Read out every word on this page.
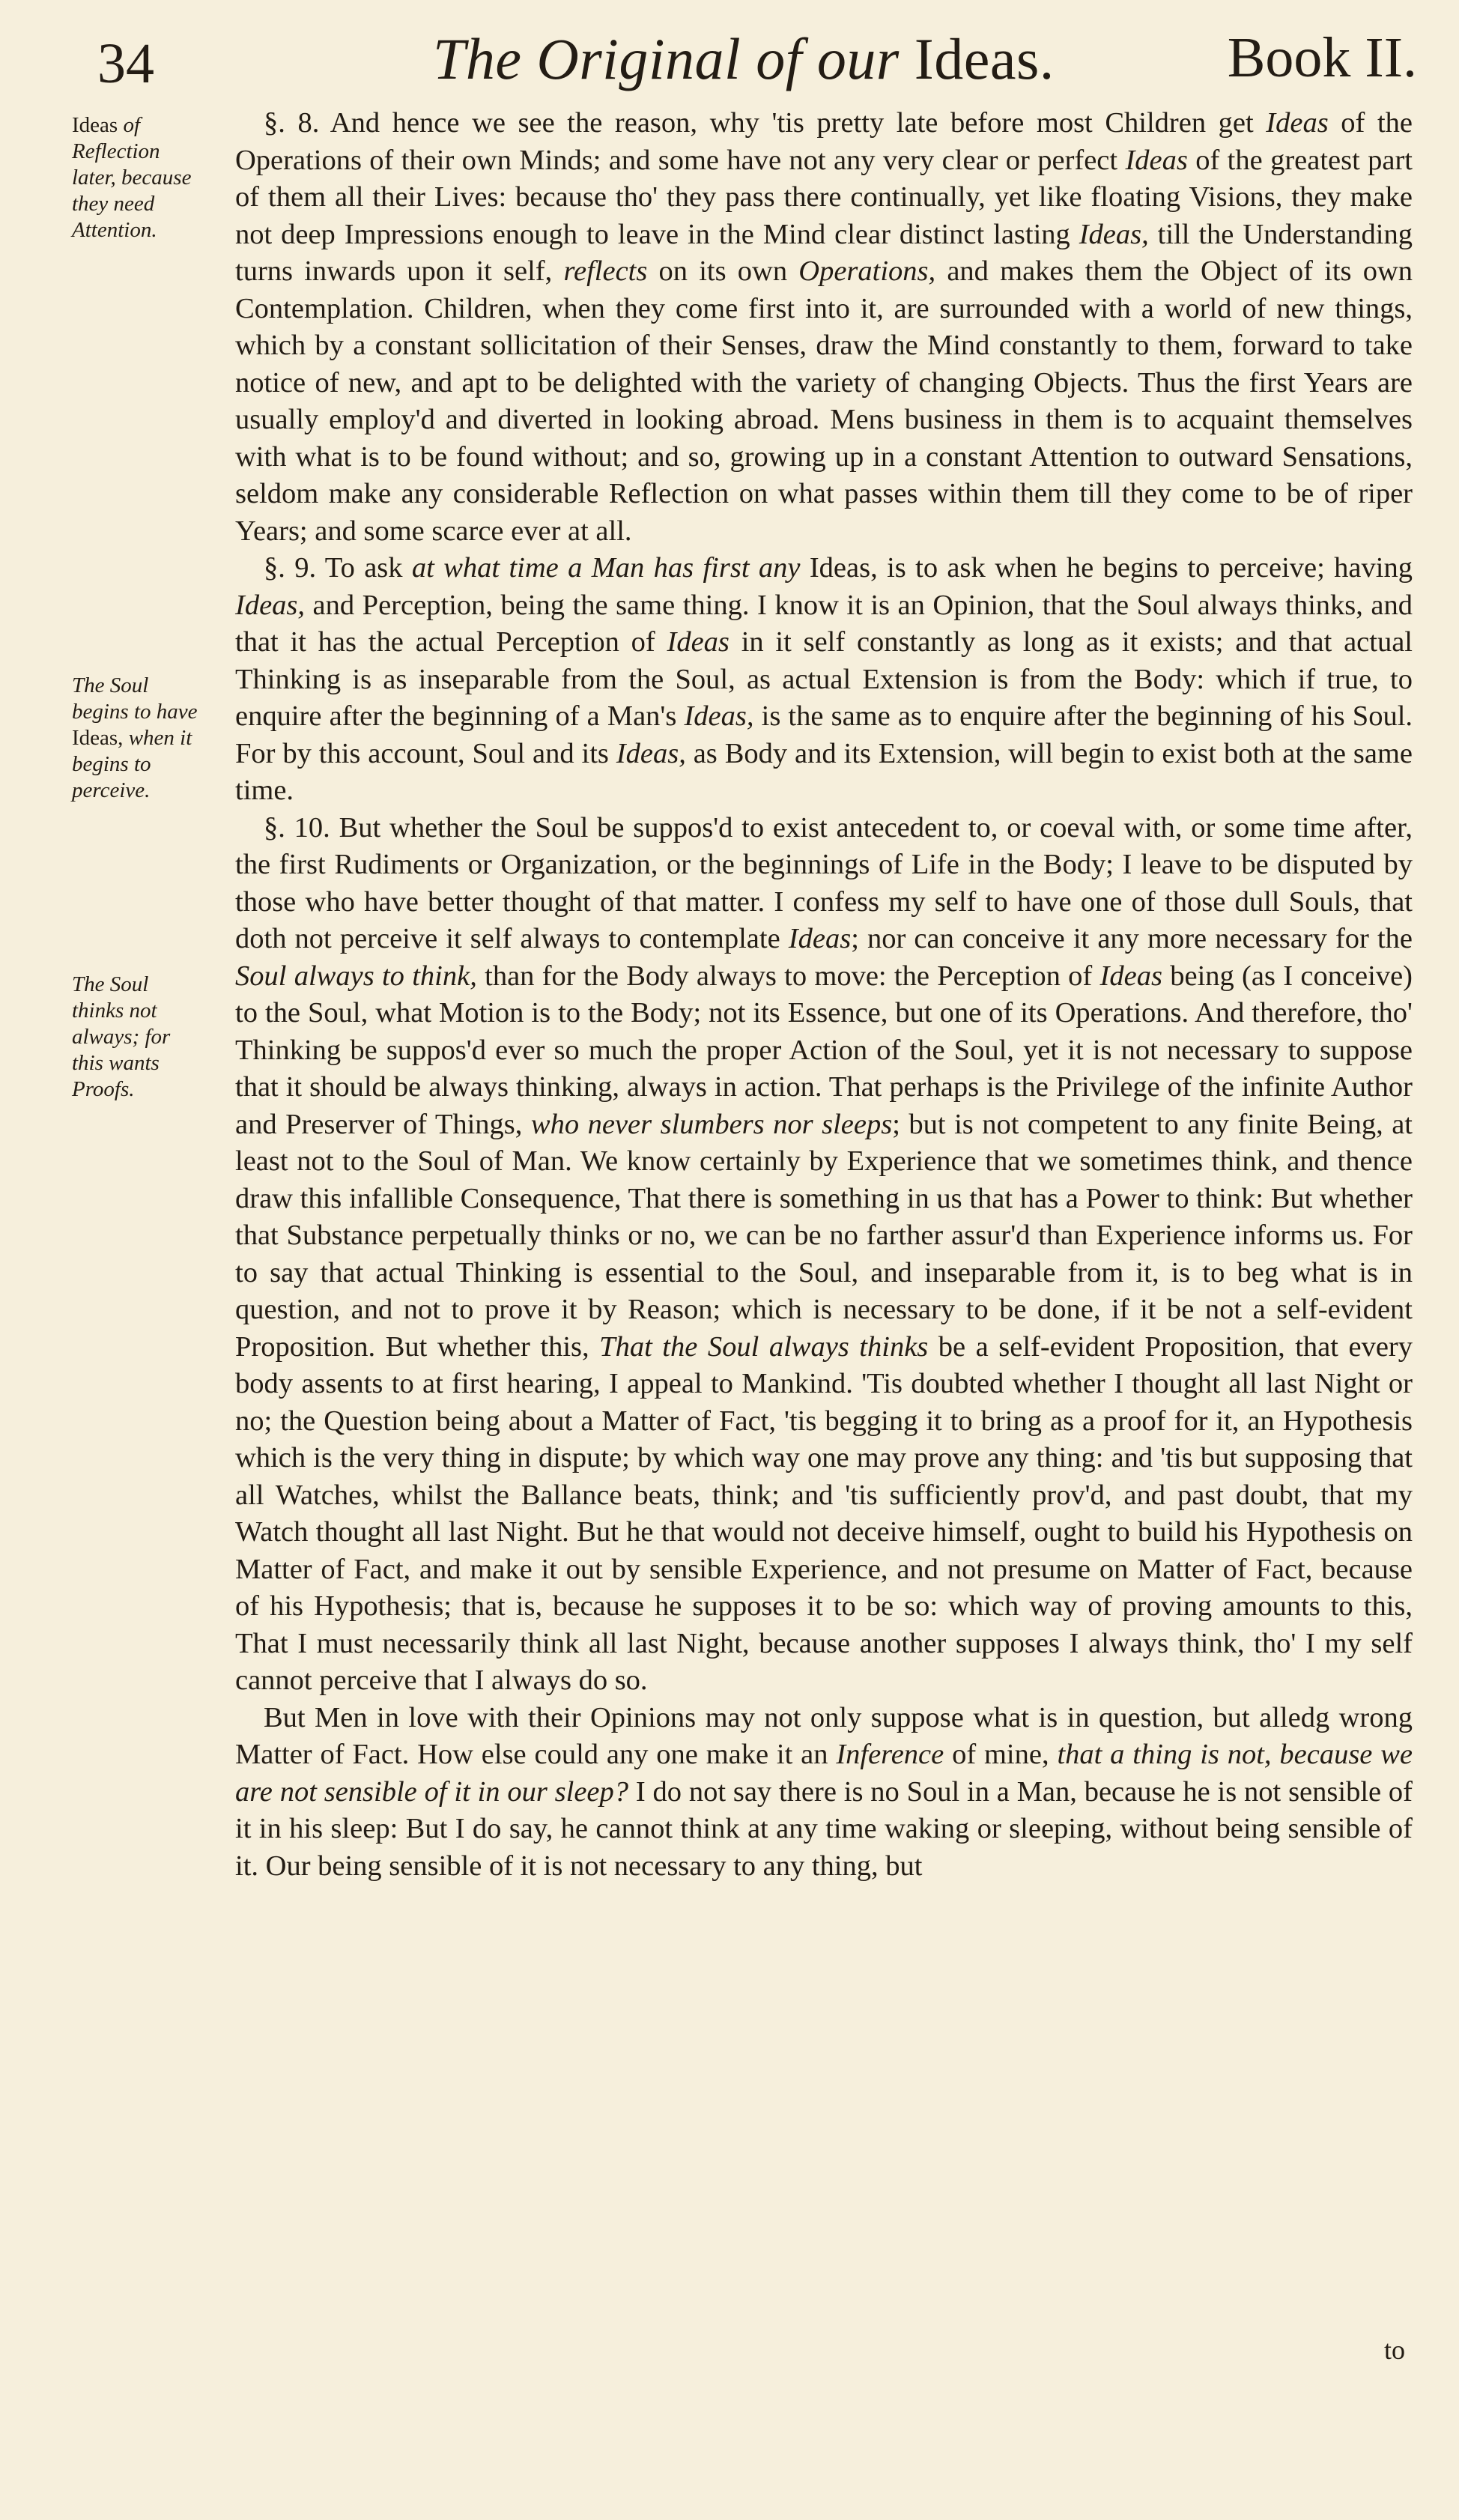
34	The Original of our Ideas.	Book II.
Ideas of Reflection later, because they need Attention.
The Soul begins to have Ideas, when it begins to perceive.
The Soul thinks not always; for this wants Proofs.

§. 8. And hence we see the reason, why 'tis pretty late before most Children get Ideas of the Operations of their own Minds; and some have not any very clear or perfect Ideas of the greatest part of them all their Lives: because tho' they pass there continually, yet like floating Visions, they make not deep Impressions enough to leave in the Mind clear distinct lasting Ideas, till the Understanding turns inwards upon it self, reflects on its own Operations, and makes them the Object of its own Contemplation. Children, when they come first into it, are surrounded with a world of new things, which by a constant sollicitation of their Senses, draw the Mind constantly to them, forward to take notice of new, and apt to be delighted with the variety of changing Objects. Thus the first Years are usually employ'd and diverted in looking abroad. Mens business in them is to acquaint themselves with what is to be found without; and so, growing up in a constant Attention to outward Sensations, seldom make any considerable Reflection on what passes within them till they come to be of riper Years; and some scarce ever at all.

§. 9. To ask at what time a Man has first any Ideas, is to ask when he begins to perceive; having Ideas, and Perception, being the same thing. I know it is an Opinion, that the Soul always thinks, and that it has the actual Perception of Ideas in it self constantly as long as it exists; and that actual Thinking is as inseparable from the Soul, as actual Extension is from the Body: which if true, to enquire after the beginning of a Man's Ideas, is the same as to enquire after the beginning of his Soul. For by this account, Soul and its Ideas, as Body and its Extension, will begin to exist both at the same time.

§. 10. But whether the Soul be suppos'd to exist antecedent to, or coeval with, or some time after, the first Rudiments or Organization, or the beginnings of Life in the Body; I leave to be disputed by those who have better thought of that matter. I confess my self to have one of those dull Souls, that doth not perceive it self always to contemplate Ideas; nor can conceive it any more necessary for the Soul always to think, than for the Body always to move: the Perception of Ideas being (as I conceive) to the Soul, what Motion is to the Body; not its Essence, but one of its Operations. And therefore, tho' Thinking be suppos'd ever so much the proper Action of the Soul, yet it is not necessary to suppose that it should be always thinking, always in action. That perhaps is the Privilege of the infinite Author and Preserver of Things, who never slumbers nor sleeps; but is not competent to any finite Being, at least not to the Soul of Man. We know certainly by Experience that we sometimes think, and thence draw this infallible Consequence, That there is something in us that has a Power to think: But whether that Substance perpetually thinks or no, we can be no farther assur'd than Experience informs us. For to say that actual Thinking is essential to the Soul, and inseparable from it, is to beg what is in question, and not to prove it by Reason; which is necessary to be done, if it be not a self-evident Proposition. But whether this, That the Soul always thinks be a self-evident Proposition, that every body assents to at first hearing, I appeal to Mankind. 'Tis doubted whether I thought all last Night or no; the Question being about a Matter of Fact, 'tis begging it to bring as a proof for it, an Hypothesis which is the very thing in dispute; by which way one may prove any thing: and 'tis but supposing that all Watches, whilst the Ballance beats, think; and 'tis sufficiently prov'd, and past doubt, that my Watch thought all last Night. But he that would not deceive himself, ought to build his Hypothesis on Matter of Fact, and make it out by sensible Experience, and not presume on Matter of Fact, because of his Hypothesis; that is, because he supposes it to be so: which way of proving amounts to this, That I must necessarily think all last Night, because another supposes I always think, tho' I my self cannot perceive that I always do so.

But Men in love with their Opinions may not only suppose what is in question, but alledg wrong Matter of Fact. How else could any one make it an Inference of mine, that a thing is not, because we are not sensible of it in our sleep? I do not say there is no Soul in a Man, because he is not sensible of it in his sleep: But I do say, he cannot think at any time waking or sleeping, without being sensible of it. Our being sensible of it is not necessary to any thing, but

to
